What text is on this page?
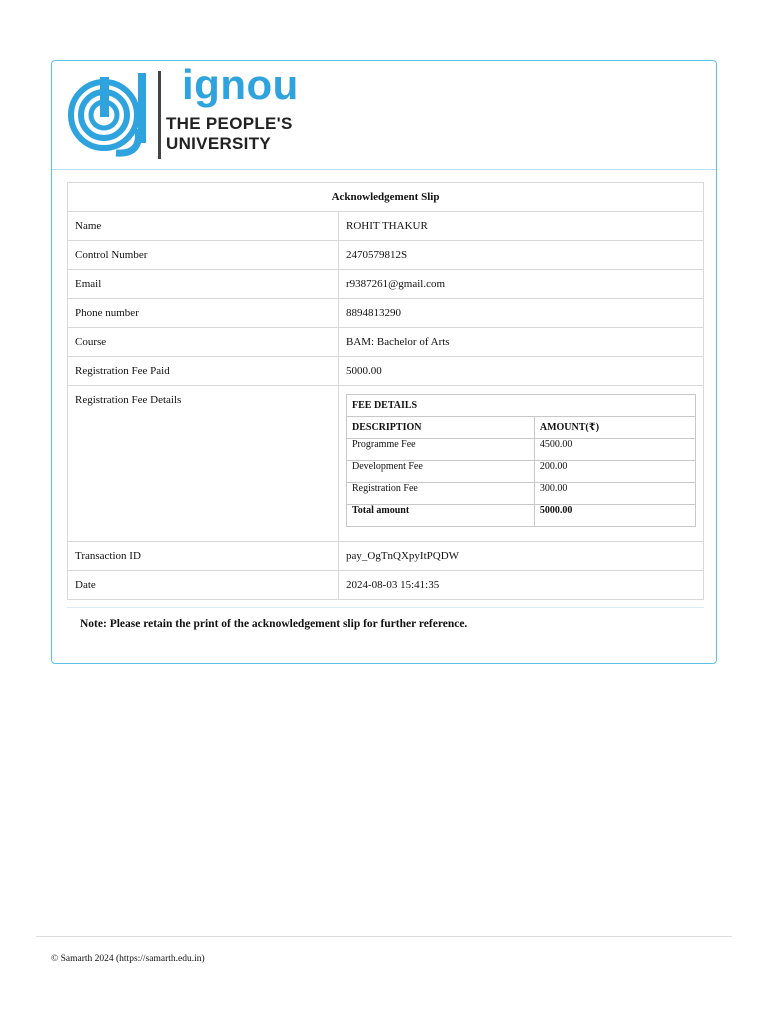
ignou
THE PEOPLE'S
UNIVERSITY
Acknowledgement Slip
Name	ROHIT THAKUR
Control Number	2470579812S
Email	r9387261@gmail.com
Phone number	8894813290
Course	BAM: Bachelor of Arts
Registration Fee Paid	5000.00
Registration Fee Details		FEE DETAILS
DESCRIPTION	AMOUNT(₹)
Programme Fee	4500.00
Development Fee	200.00
Registration Fee	300.00
Total amount	5000.00

Transaction ID	pay_OgTnQXpyItPQDW
Date	2024-08-03 15:41:35
Note: Please retain the print of the acknowledgement slip for further reference.
© Samarth 2024 (https://samarth.edu.in)
